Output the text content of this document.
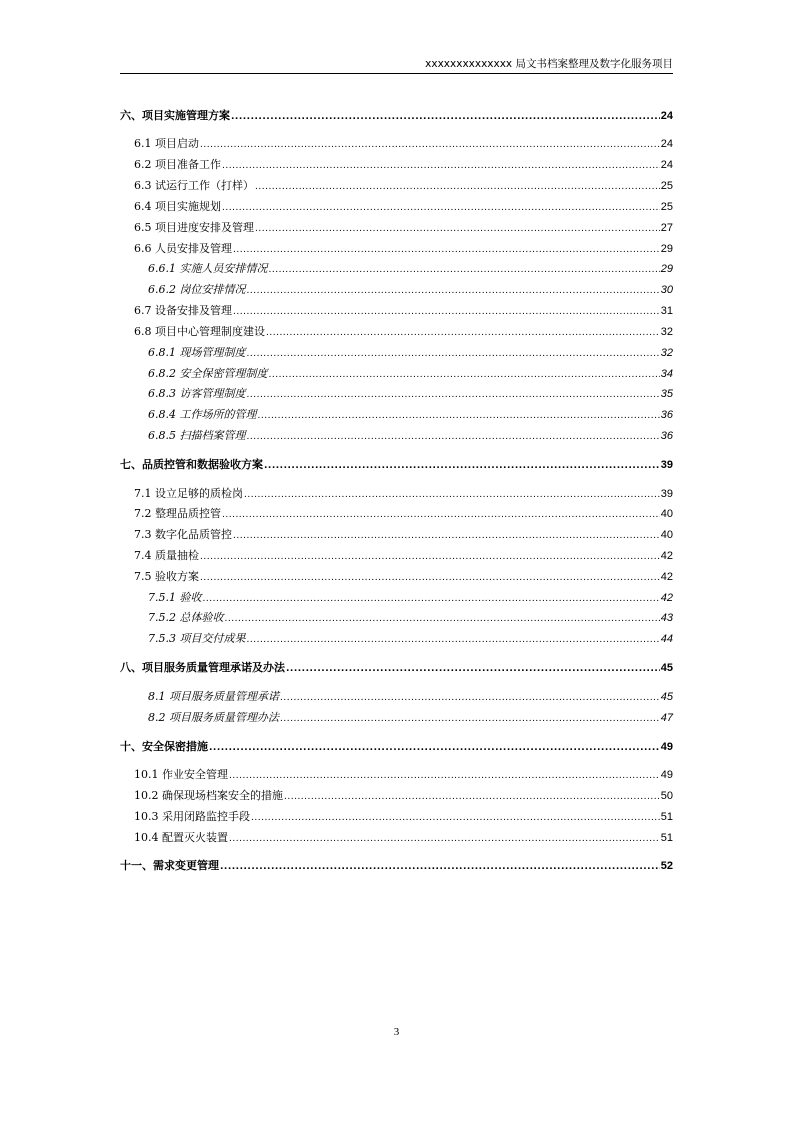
xxxxxxxxxxxxxx 局文书档案整理及数字化服务项目
六、项目实施管理方案 .....	24
6.1 项目启动 .....	24
6.2 项目准备工作 .....	24
6.3 试运行工作（打样） .....	25
6.4 项目实施规划 .....	25
6.5 项目进度安排及管理 .....	27
6.6 人员安排及管理 .....	29
6.6.1 实施人员安排情况 .....	29
6.6.2 岗位安排情况 .....	30
6.7 设备安排及管理 .....	31
6.8 项目中心管理制度建设 .....	32
6.8.1 现场管理制度 .....	32
6.8.2 安全保密管理制度 .....	34
6.8.3 访客管理制度 .....	35
6.8.4 工作场所的管理 .....	36
6.8.5 扫描档案管理 .....	36
七、品质控管和数据验收方案 .....	39
7.1 设立足够的质检岗 .....	39
7.2 整理品质控管 .....	40
7.3 数字化品质管控 .....	40
7.4 质量抽检 .....	42
7.5 验收方案 .....	42
7.5.1 验收 .....	42
7.5.2 总体验收 .....	43
7.5.3 项目交付成果 .....	44
八、项目服务质量管理承诺及办法 .....	45
8.1 项目服务质量管理承诺 .....	45
8.2 项目服务质量管理办法 .....	47
十、安全保密措施 .....	49
10.1 作业安全管理 .....	49
10.2 确保现场档案安全的措施 .....	50
10.3 采用闭路监控手段 .....	51
10.4 配置灭火装置 .....	51
十一、需求变更管理 .....	52
3
